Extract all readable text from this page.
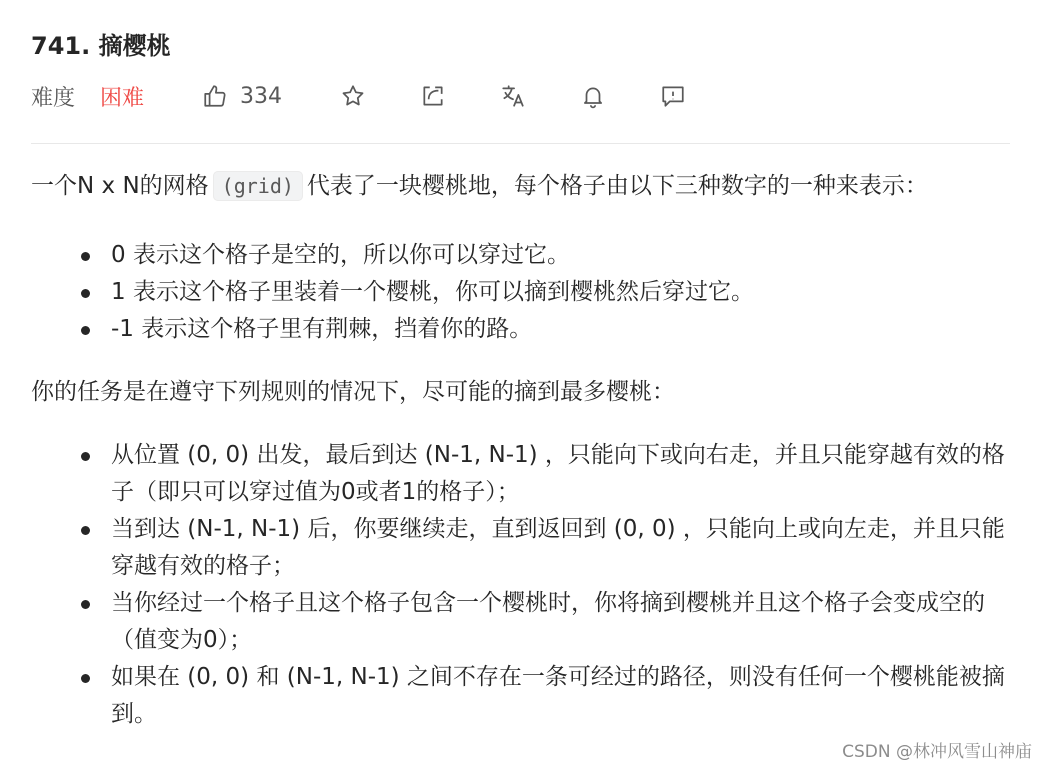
741. 摘樱桃
难度	困难	334

一个N x N的网格 (grid) 代表了一块樱桃地，每个格子由以下三种数字的一种来表示：

0 表示这个格子是空的，所以你可以穿过它。
1 表示这个格子里装着一个樱桃，你可以摘到樱桃然后穿过它。
-1 表示这个格子里有荆棘，挡着你的路。

你的任务是在遵守下列规则的情况下，尽可能的摘到最多樱桃：

从位置 (0, 0) 出发，最后到达 (N-1, N-1) ，只能向下或向右走，并且只能穿越有效的格子（即只可以穿过值为0或者1的格子）；
当到达 (N-1, N-1) 后，你要继续走，直到返回到 (0, 0) ，只能向上或向左走，并且只能穿越有效的格子；
当你经过一个格子且这个格子包含一个樱桃时，你将摘到樱桃并且这个格子会变成空的（值变为0）；
如果在 (0, 0) 和 (N-1, N-1) 之间不存在一条可经过的路径，则没有任何一个樱桃能被摘到。
CSDN @林冲风雪山神庙
